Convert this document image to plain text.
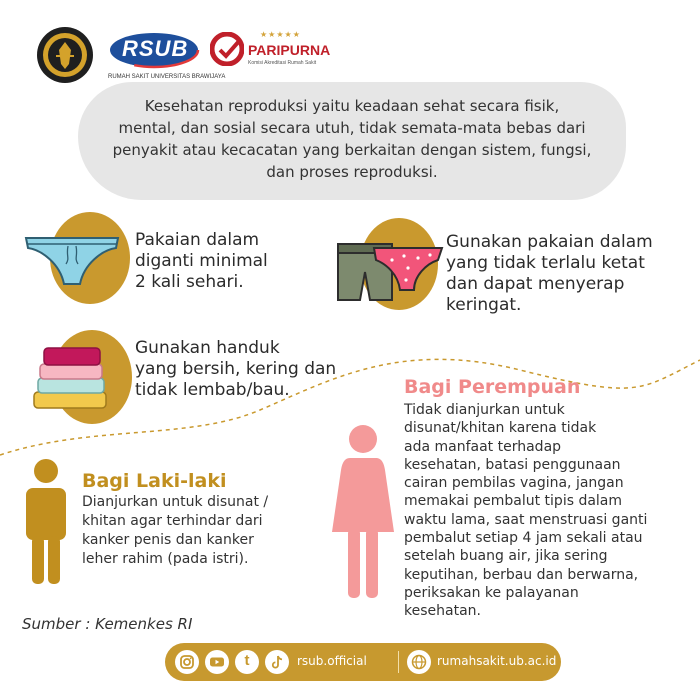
RSUB
RUMAH SAKIT UNIVERSITAS BRAWIJAYA
★★★★★
PARIPURNA
Komisi Akreditasi Rumah Sakit
Kesehatan reproduksi yaitu keadaan sehat secara fisik,
mental, dan sosial secara utuh, tidak semata-mata bebas dari
penyakit atau kecacatan yang berkaitan dengan sistem, fungsi,
dan proses reproduksi.
Pakaian dalam
diganti minimal
2 kali sehari.
Gunakan pakaian dalam
yang tidak terlalu ketat
dan dapat menyerap
keringat.
Gunakan handuk
yang bersih, kering dan
tidak lembab/bau.
Bagi Laki-laki
Dianjurkan untuk disunat /
khitan agar terhindar dari
kanker penis dan kanker
leher rahim (pada istri).
Bagi Perempuan
Tidak dianjurkan untuk
disunat/khitan karena tidak
ada manfaat terhadap
kesehatan, batasi penggunaan
cairan pembilas vagina, jangan
memakai pembalut tipis dalam
waktu lama, saat menstruasi ganti
pembalut setiap 4 jam sekali atau
setelah buang air, jika sering
keputihan, berbau dan berwarna,
periksakan ke palayanan
kesehatan.
Sumber : Kemenkes RI
t	rsub.official	rumahsakit.ub.ac.id
